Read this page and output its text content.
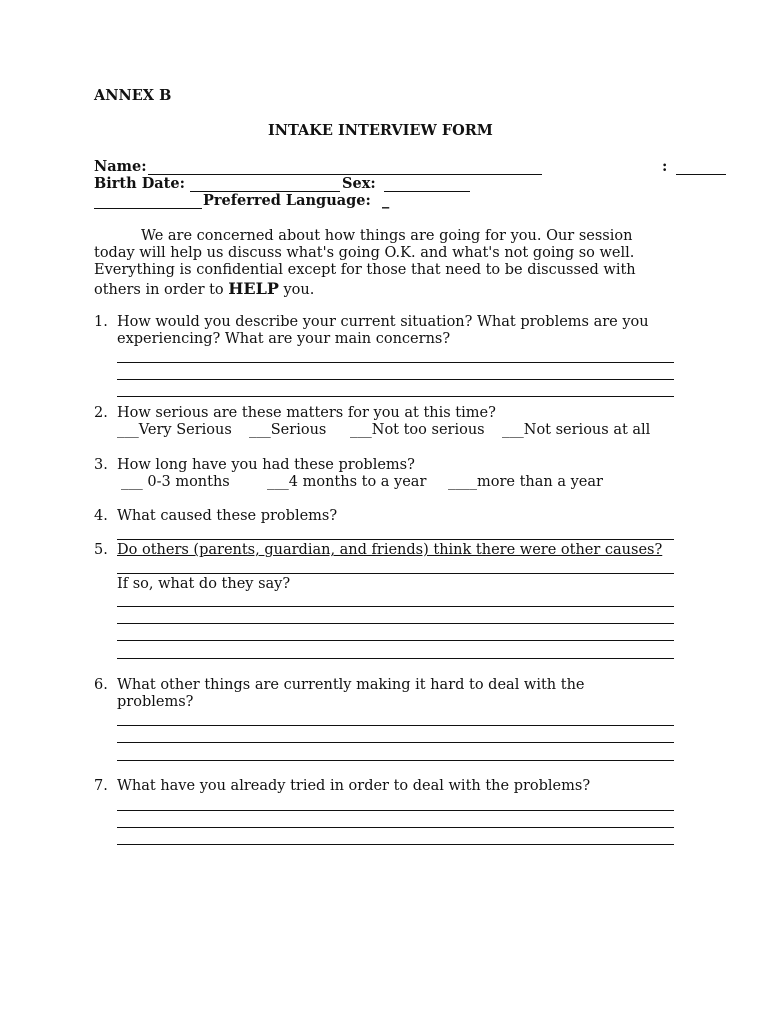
ANNEX B
INTAKE INTERVIEW FORM
Name:	:
Birth Date:	Sex:
Preferred Language: _
We are concerned about how things are going for you. Our session
today will help us discuss what's going O.K. and what's not going so well.
Everything is confidential except for those that need to be discussed with
others in order to HELP you.
1. How would you describe your current situation? What problems are you
experiencing? What are your main concerns?
2. How serious are these matters for you at this time?
___Very Serious ___Serious ___Not too serious ___Not serious at all
3. How long have you had these problems?
___ 0-3 months	___4 months to a year ____more than a year
4. What caused these problems?
5. Do others (parents, guardian, and friends) think there were other causes?
If so, what do they say?
6. What other things are currently making it hard to deal with the
problems?
7. What have you already tried in order to deal with the problems?
